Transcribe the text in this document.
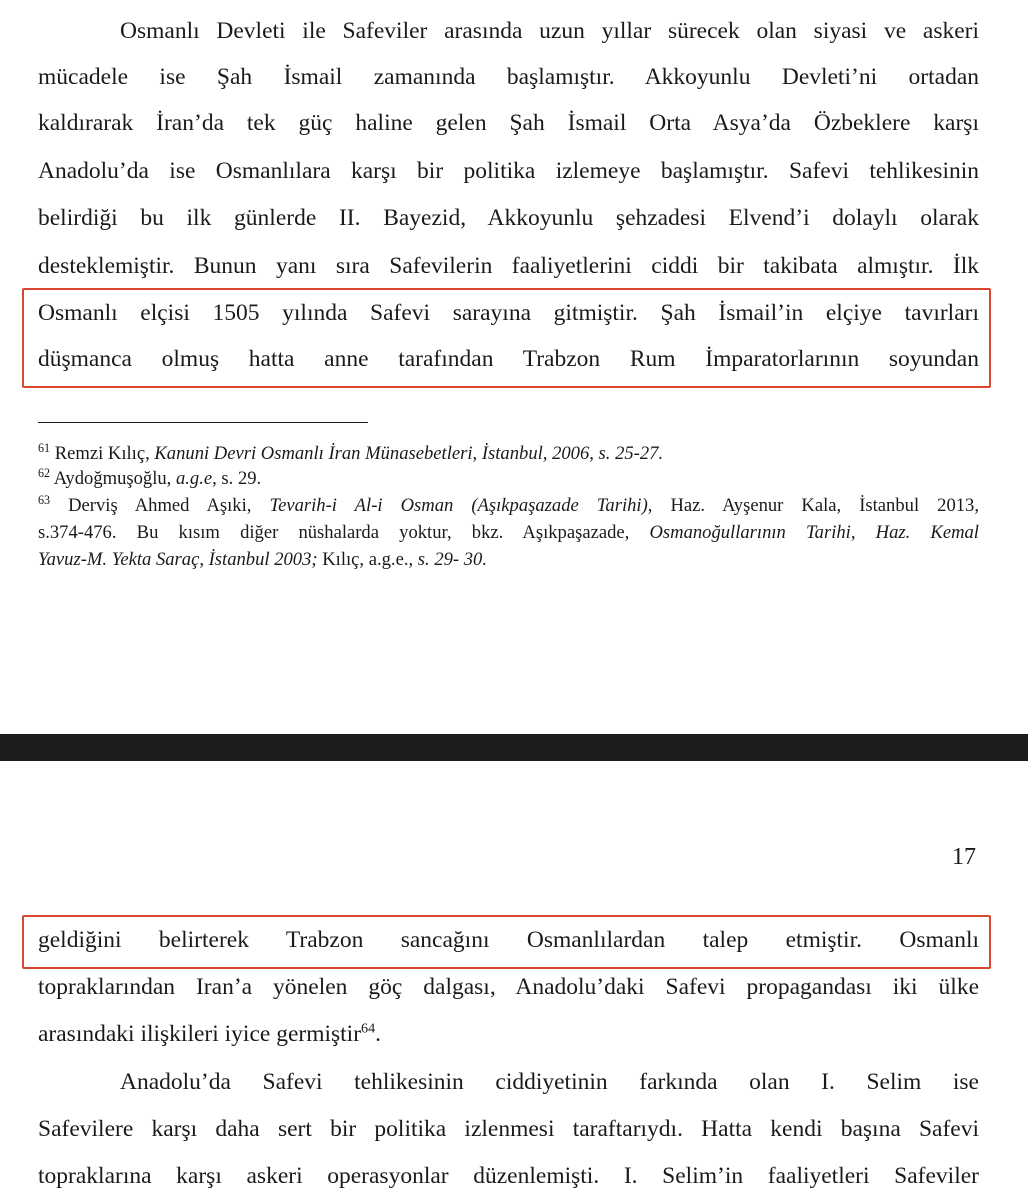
Osmanlı Devleti ile Safeviler arasında uzun yıllar sürecek olan siyasi ve askeri
mücadele ise Şah İsmail zamanında başlamıştır. Akkoyunlu Devleti’ni ortadan
kaldırarak İran’da tek güç haline gelen Şah İsmail Orta Asya’da Özbeklere karşı
Anadolu’da ise Osmanlılara karşı bir politika izlemeye başlamıştır. Safevi tehlikesinin
belirdiği bu ilk günlerde II. Bayezid, Akkoyunlu şehzadesi Elvend’i dolaylı olarak
desteklemiştir. Bunun yanı sıra Safevilerin faaliyetlerini ciddi bir takibata almıştır. İlk
Osmanlı elçisi 1505 yılında Safevi sarayına gitmiştir. Şah İsmail’in elçiye tavırları
düşmanca olmuş hatta anne tarafından Trabzon Rum İmparatorlarının soyundan
$^{61}$ Remzi Kılıç, Kanuni Devri Osmanlı İran Münasebetleri, İstanbul, 2006, s. 25-27.
$^{62}$ Aydoğmuşoğlu, a.g.e, s. 29.
$^{63}$ Derviş Ahmed Aşıki, Tevarih-i Al-i Osman (Aşıkpaşazade Tarihi), Haz. Ayşenur Kala, İstanbul 2013,
s.374-476. Bu kısım diğer nüshalarda yoktur, bkz. Aşıkpaşazade, Osmanoğullarının Tarihi, Haz. Kemal
Yavuz-M. Yekta Saraç, İstanbul 2003; Kılıç, a.g.e., s. 29- 30.
17
geldiğini belirterek Trabzon sancağını Osmanlılardan talep etmiştir. Osmanlı
topraklarından Iran’a yönelen göç dalgası, Anadolu’daki Safevi propagandası iki ülke
arasındaki ilişkileri iyice germiştir$^{64}$.
Anadolu’da Safevi tehlikesinin ciddiyetinin farkında olan I. Selim ise
Safevilere karşı daha sert bir politika izlenmesi taraftarıydı. Hatta kendi başına Safevi
topraklarına karşı askeri operasyonlar düzenlemişti. I. Selim’in faaliyetleri Safeviler
